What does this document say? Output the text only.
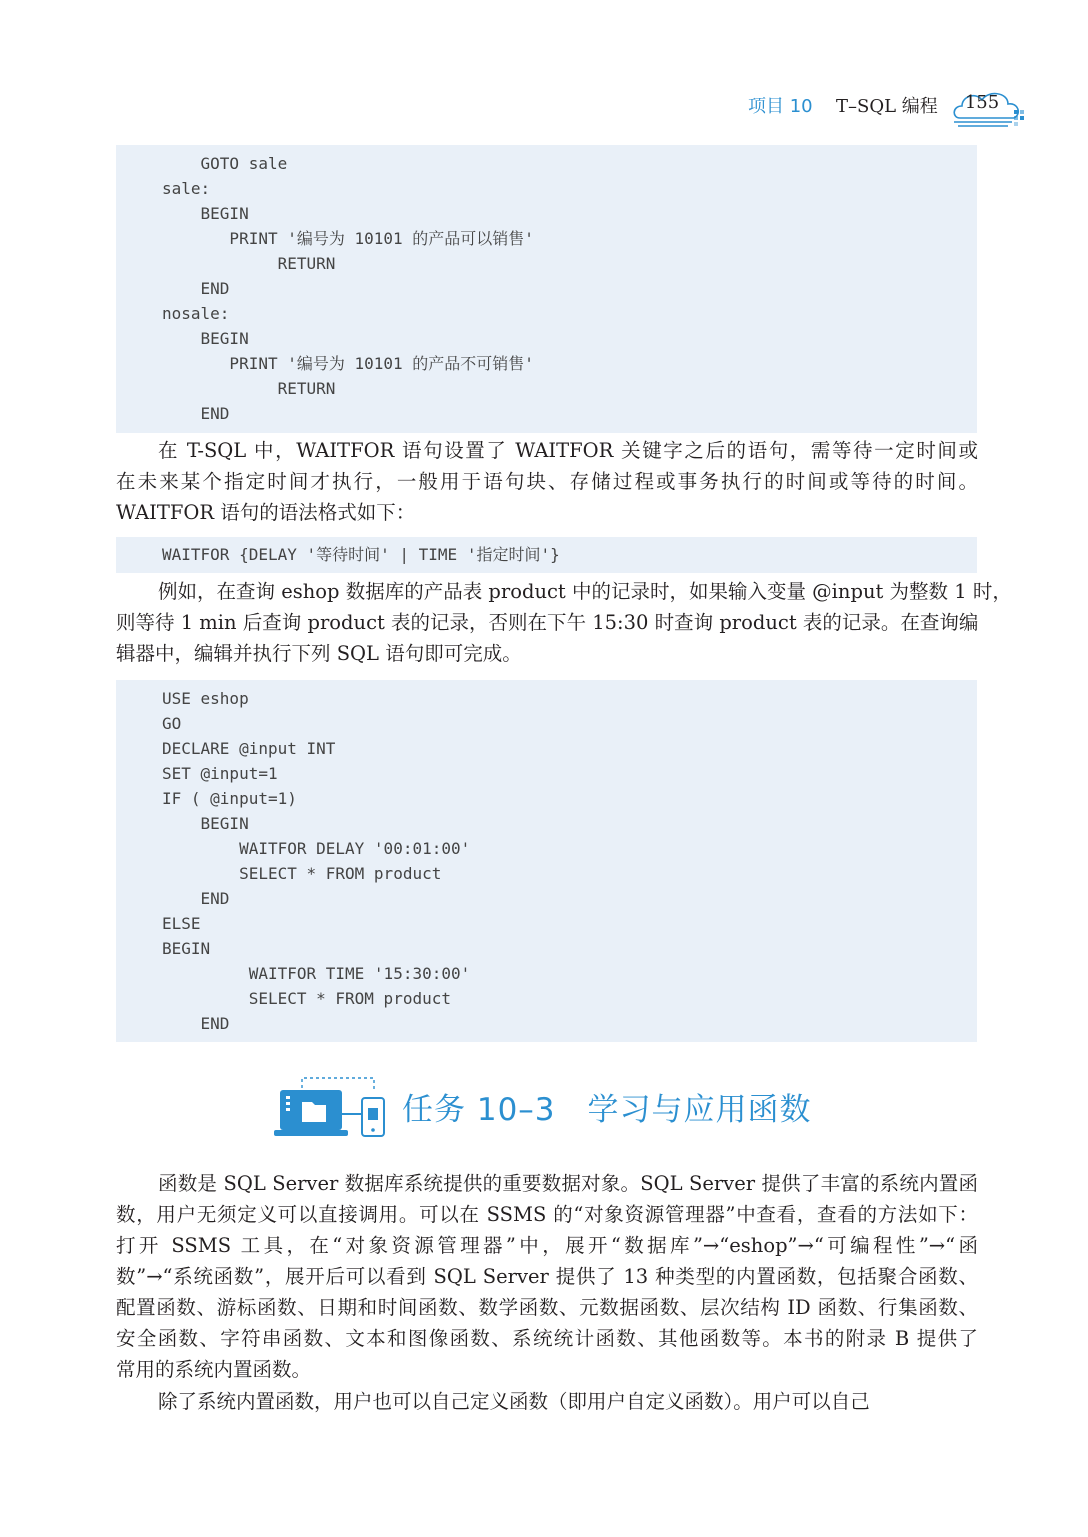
项目 10 T–SQL 编程 155
GOTO sale
sale:
BEGIN
PRINT '编号为 10101 的产品可以销售'
RETURN
END
nosale:
BEGIN
PRINT '编号为 10101 的产品不可销售'
RETURN
END
在 T-SQL 中，WAITFOR 语句设置了 WAITFOR 关键字之后的语句，需等待一定时间或
在未来某个指定时间才执行，一般用于语句块、存储过程或事务执行的时间或等待的时间。
WAITFOR 语句的语法格式如下：
WAITFOR {DELAY '等待时间' | TIME '指定时间'}
例如，在查询 eshop 数据库的产品表 product 中的记录时，如果输入变量 @input 为整数 1 时，
则等待 1 min 后查询 product 表的记录，否则在下午 15:30 时查询 product 表的记录。在查询编
辑器中，编辑并执行下列 SQL 语句即可完成。
USE eshop
GO
DECLARE @input INT
SET @input=1
IF ( @input=1)
BEGIN
WAITFOR DELAY '00:01:00'
SELECT * FROM product
END
ELSE
BEGIN
WAITFOR TIME '15:30:00'
SELECT * FROM product
END
任务 10–3　学习与应用函数
函数是 SQL Server 数据库系统提供的重要数据对象。SQL Server 提供了丰富的系统内置函
数，用户无须定义可以直接调用。可以在 SSMS 的“对象资源管理器”中查看，查看的方法如下：
打开 SSMS 工具，在“对象资源管理器”中，展开“数据库”→“eshop”→“可编程性”→“函
数”→“系统函数”，展开后可以看到 SQL Server 提供了 13 种类型的内置函数，包括聚合函数、
配置函数、游标函数、日期和时间函数、数学函数、元数据函数、层次结构 ID 函数、行集函数、
安全函数、字符串函数、文本和图像函数、系统统计函数、其他函数等。本书的附录 B 提供了
常用的系统内置函数。
除了系统内置函数，用户也可以自己定义函数（即用户自定义函数）。用户可以自己
